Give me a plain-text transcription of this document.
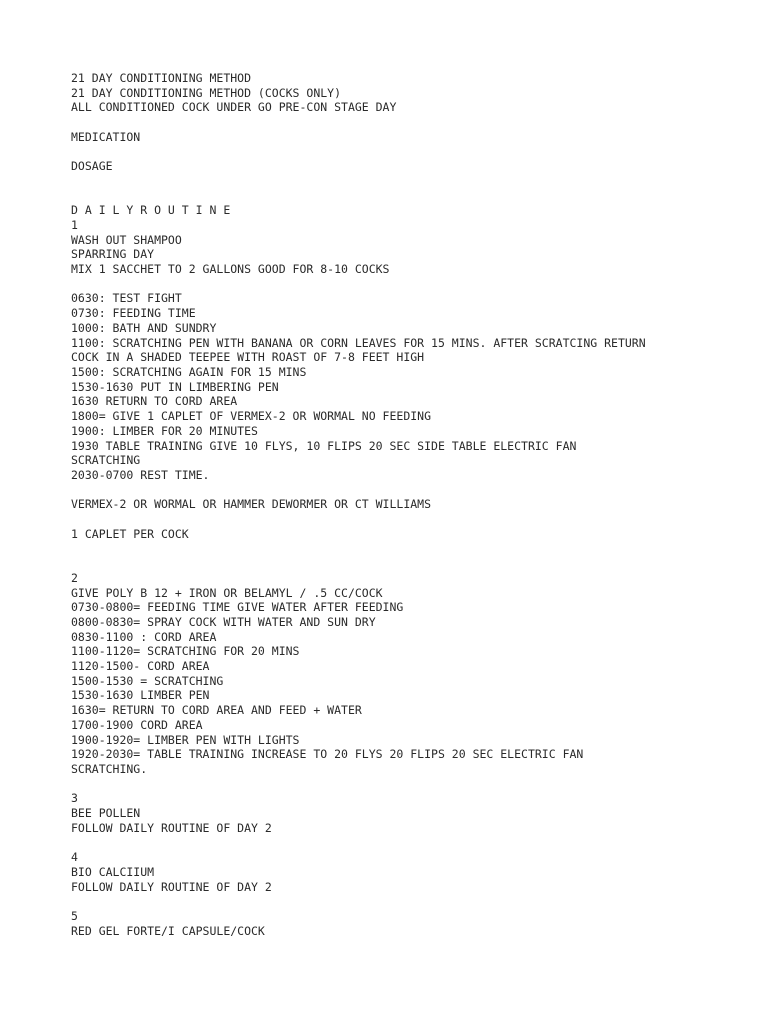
21 DAY CONDITIONING METHOD
21 DAY CONDITIONING METHOD (COCKS ONLY)
ALL CONDITIONED COCK UNDER GO PRE-CON STAGE DAY
MEDICATION
DOSAGE
D A I L Y R O U T I N E
1
WASH OUT SHAMPOO
SPARRING DAY
MIX 1 SACCHET TO 2 GALLONS GOOD FOR 8-10 COCKS
0630: TEST FIGHT
0730: FEEDING TIME
1000: BATH AND SUNDRY
1100: SCRATCHING PEN WITH BANANA OR CORN LEAVES FOR 15 MINS. AFTER SCRATCING RETURN
COCK IN A SHADED TEEPEE WITH ROAST OF 7-8 FEET HIGH
1500: SCRATCHING AGAIN FOR 15 MINS
1530-1630 PUT IN LIMBERING PEN
1630 RETURN TO CORD AREA
1800= GIVE 1 CAPLET OF VERMEX-2 OR WORMAL NO FEEDING
1900: LIMBER FOR 20 MINUTES
1930 TABLE TRAINING GIVE 10 FLYS, 10 FLIPS 20 SEC SIDE TABLE ELECTRIC FAN
SCRATCHING
2030-0700 REST TIME.
VERMEX-2 OR WORMAL OR HAMMER DEWORMER OR CT WILLIAMS
1 CAPLET PER COCK
2
GIVE POLY B 12 + IRON OR BELAMYL / .5 CC/COCK
0730-0800= FEEDING TIME GIVE WATER AFTER FEEDING
0800-0830= SPRAY COCK WITH WATER AND SUN DRY
0830-1100 : CORD AREA
1100-1120= SCRATCHING FOR 20 MINS
1120-1500- CORD AREA
1500-1530 = SCRATCHING
1530-1630 LIMBER PEN
1630= RETURN TO CORD AREA AND FEED + WATER
1700-1900 CORD AREA
1900-1920= LIMBER PEN WITH LIGHTS
1920-2030= TABLE TRAINING INCREASE TO 20 FLYS 20 FLIPS 20 SEC ELECTRIC FAN
SCRATCHING.
3
BEE POLLEN
FOLLOW DAILY ROUTINE OF DAY 2
4
BIO CALCIIUM
FOLLOW DAILY ROUTINE OF DAY 2
5
RED GEL FORTE/I CAPSULE/COCK
